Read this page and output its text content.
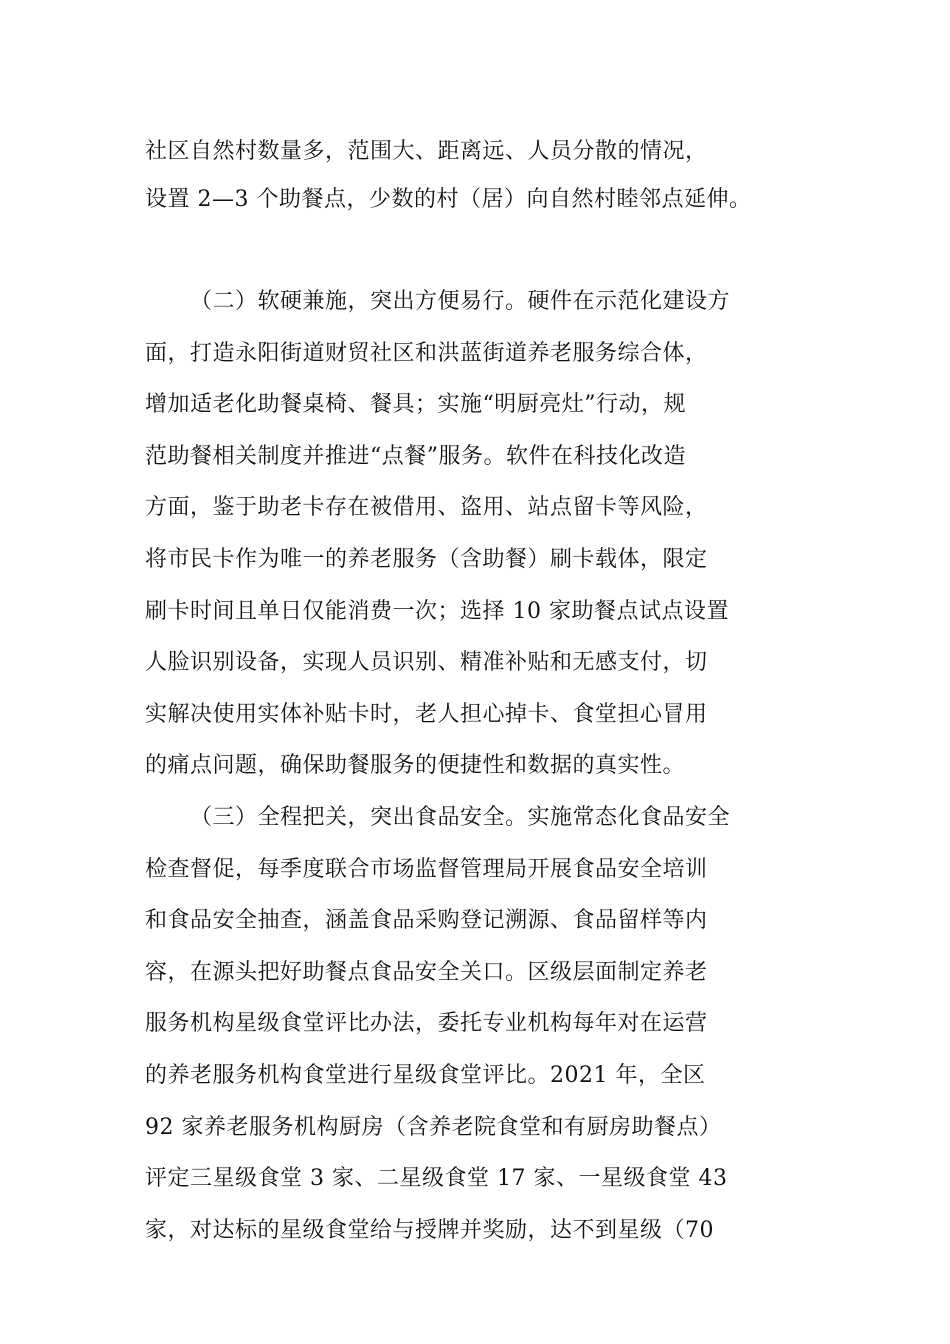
社区自然村数量多，范围大、距离远、人员分散的情况，

设置 2—3 个助餐点，少数的村（居）向自然村睦邻点延伸。

（二）软硬兼施，突出方便易行。硬件在示范化建设方

面，打造永阳街道财贸社区和洪蓝街道养老服务综合体，

增加适老化助餐桌椅、餐具；实施“明厨亮灶”行动，规

范助餐相关制度并推进“点餐”服务。软件在科技化改造

方面，鉴于助老卡存在被借用、盗用、站点留卡等风险，

将市民卡作为唯一的养老服务（含助餐）刷卡载体，限定

刷卡时间且单日仅能消费一次；选择 10 家助餐点试点设置

人脸识别设备，实现人员识别、精准补贴和无感支付，切

实解决使用实体补贴卡时，老人担心掉卡、食堂担心冒用

的痛点问题，确保助餐服务的便捷性和数据的真实性。

（三）全程把关，突出食品安全。实施常态化食品安全

检查督促，每季度联合市场监督管理局开展食品安全培训

和食品安全抽查，涵盖食品采购登记溯源、食品留样等内

容，在源头把好助餐点食品安全关口。区级层面制定养老

服务机构星级食堂评比办法，委托专业机构每年对在运营

的养老服务机构食堂进行星级食堂评比。2021 年，全区

92 家养老服务机构厨房（含养老院食堂和有厨房助餐点）

评定三星级食堂 3 家、二星级食堂 17 家、一星级食堂 43

家，对达标的星级食堂给与授牌并奖励，达不到星级（70
